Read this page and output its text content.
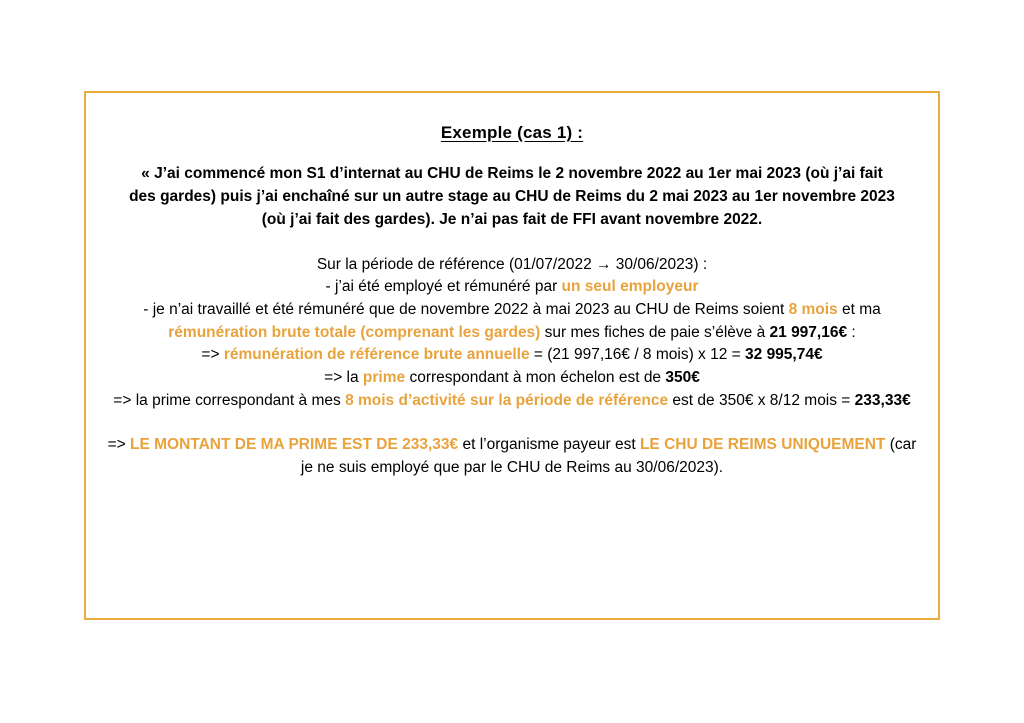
Exemple (cas 1) :
« J’ai commencé mon S1 d’internat au CHU de Reims le 2 novembre 2022 au 1er mai 2023 (où j’ai fait des gardes) puis j’ai enchaîné sur un autre stage au CHU de Reims du 2 mai 2023 au 1er novembre 2023 (où j’ai fait des gardes). Je n’ai pas fait de FFI avant novembre 2022.
Sur la période de référence (01/07/2022 → 30/06/2023) :
- j’ai été employé et rémunéré par un seul employeur
- je n’ai travaillé et été rémunéré que de novembre 2022 à mai 2023 au CHU de Reims soient 8 mois et ma rémunération brute totale (comprenant les gardes) sur mes fiches de paie s’élève à 21 997,16€ :
=> rémunération de référence brute annuelle = (21 997,16€ / 8 mois) x 12 = 32 995,74€
=> la prime correspondant à mon échelon est de 350€
=> la prime correspondant à mes 8 mois d’activité sur la période de référence est de 350€ x 8/12 mois = 233,33€
=> LE MONTANT DE MA PRIME EST DE 233,33€ et l’organisme payeur est LE CHU DE REIMS UNIQUEMENT (car je ne suis employé que par le CHU de Reims au 30/06/2023).
